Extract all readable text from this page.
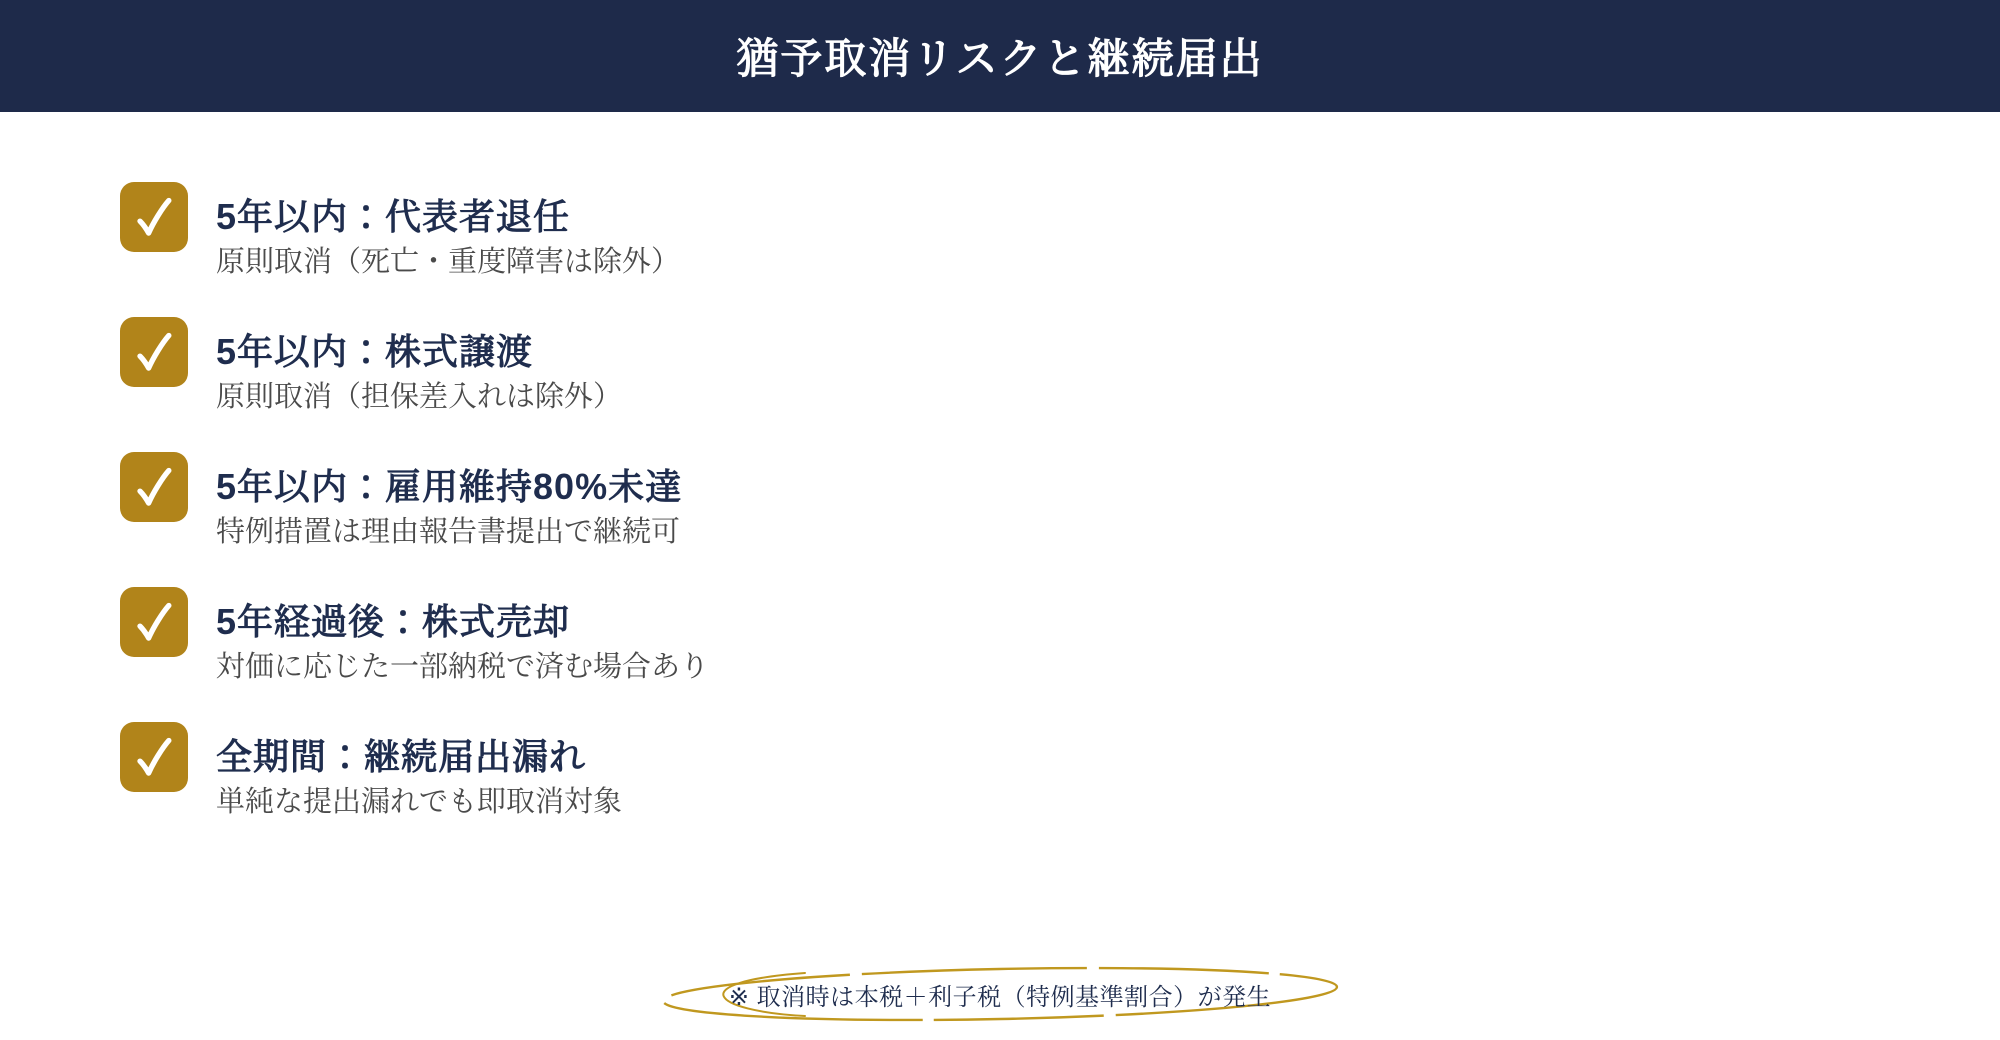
猶予取消リスクと継続届出
5年以内：代表者退任
原則取消（死亡・重度障害は除外）
5年以内：株式譲渡
原則取消（担保差入れは除外）
5年以内：雇用維持80%未達
特例措置は理由報告書提出で継続可
5年経過後：株式売却
対価に応じた一部納税で済む場合あり
全期間：継続届出漏れ
単純な提出漏れでも即取消対象
※ 取消時は本税＋利子税（特例基準割合）が発生
